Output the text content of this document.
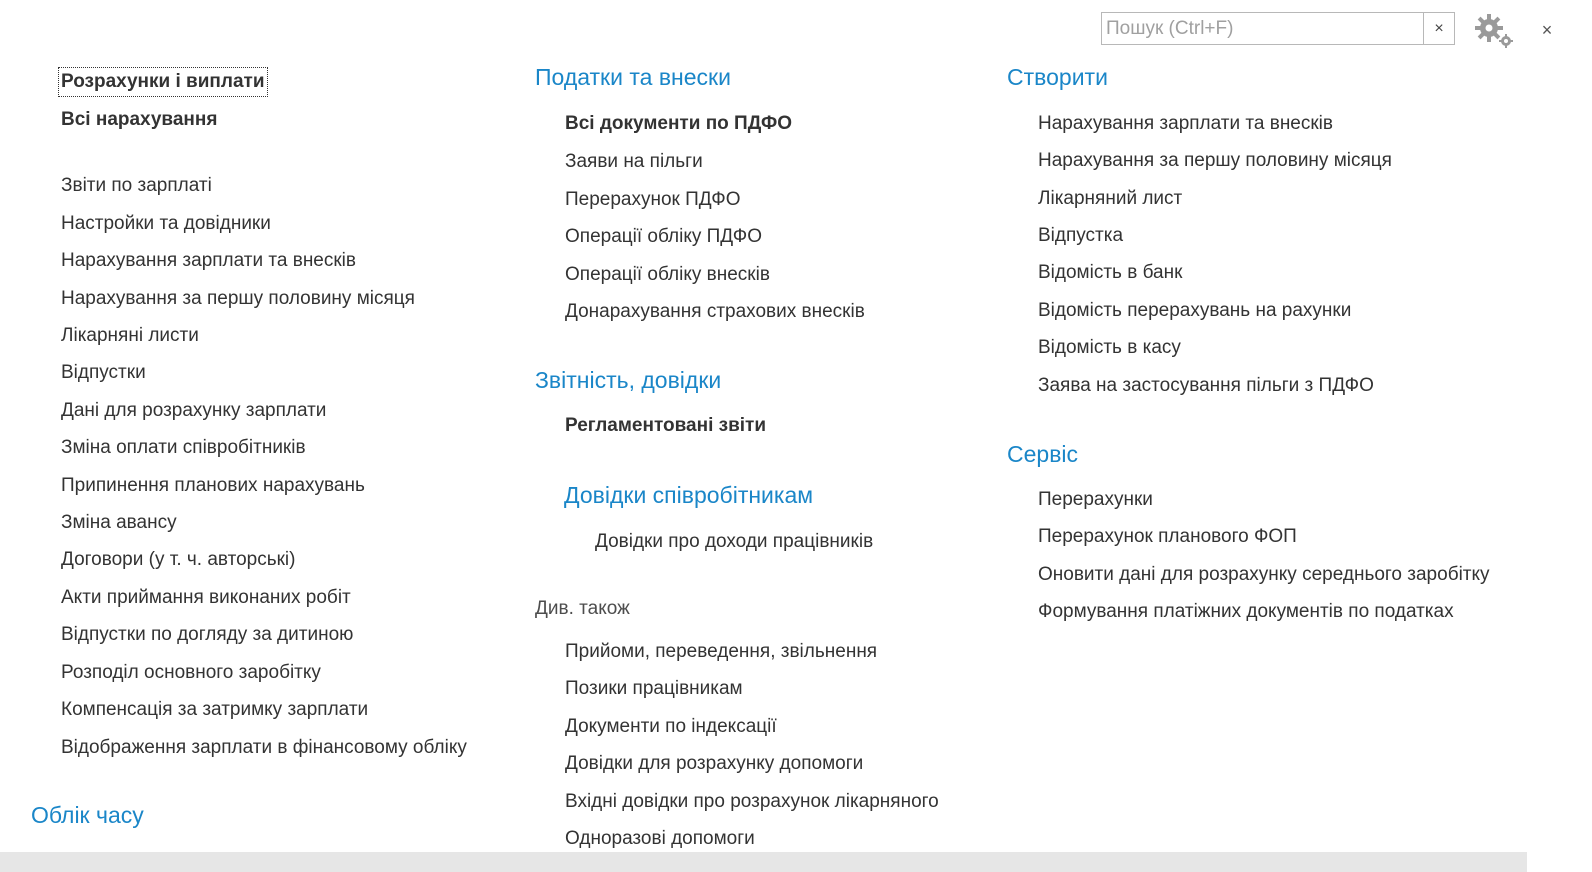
Пошук (Ctrl+F)
×	×
Розрахунки і виплати
Всі нарахування
Звіти по зарплаті
Настройки та довідники
Нарахування зарплати та внесків
Нарахування за першу половину місяця
Лікарняні листи
Відпустки
Дані для розрахунку зарплати
Зміна оплати співробітників
Припинення планових нарахувань
Зміна авансу
Договори (у т. ч. авторські)
Акти приймання виконаних робіт
Відпустки по догляду за дитиною
Розподіл основного заробітку
Компенсація за затримку зарплати
Відображення зарплати в фінансовому обліку
Облік часу
Податки та внески
Всі документи по ПДФО
Заяви на пільги
Перерахунок ПДФО
Операції обліку ПДФО
Операції обліку внесків
Донарахування страхових внесків
Звітність, довідки
Регламентовані звіти
Довідки співробітникам
Довідки про доходи працівників
Див. також
Прийоми, переведення, звільнення
Позики працівникам
Документи по індексації
Довідки для розрахунку допомоги
Вхідні довідки про розрахунок лікарняного
Одноразові допомоги
Створити
Нарахування зарплати та внесків
Нарахування за першу половину місяця
Лікарняний лист
Відпустка
Відомість в банк
Відомість перерахувань на рахунки
Відомість в касу
Заява на застосування пільги з ПДФО
Сервіс
Перерахунки
Перерахунок планового ФОП
Оновити дані для розрахунку середнього заробітку
Формування платіжних документів по податках
